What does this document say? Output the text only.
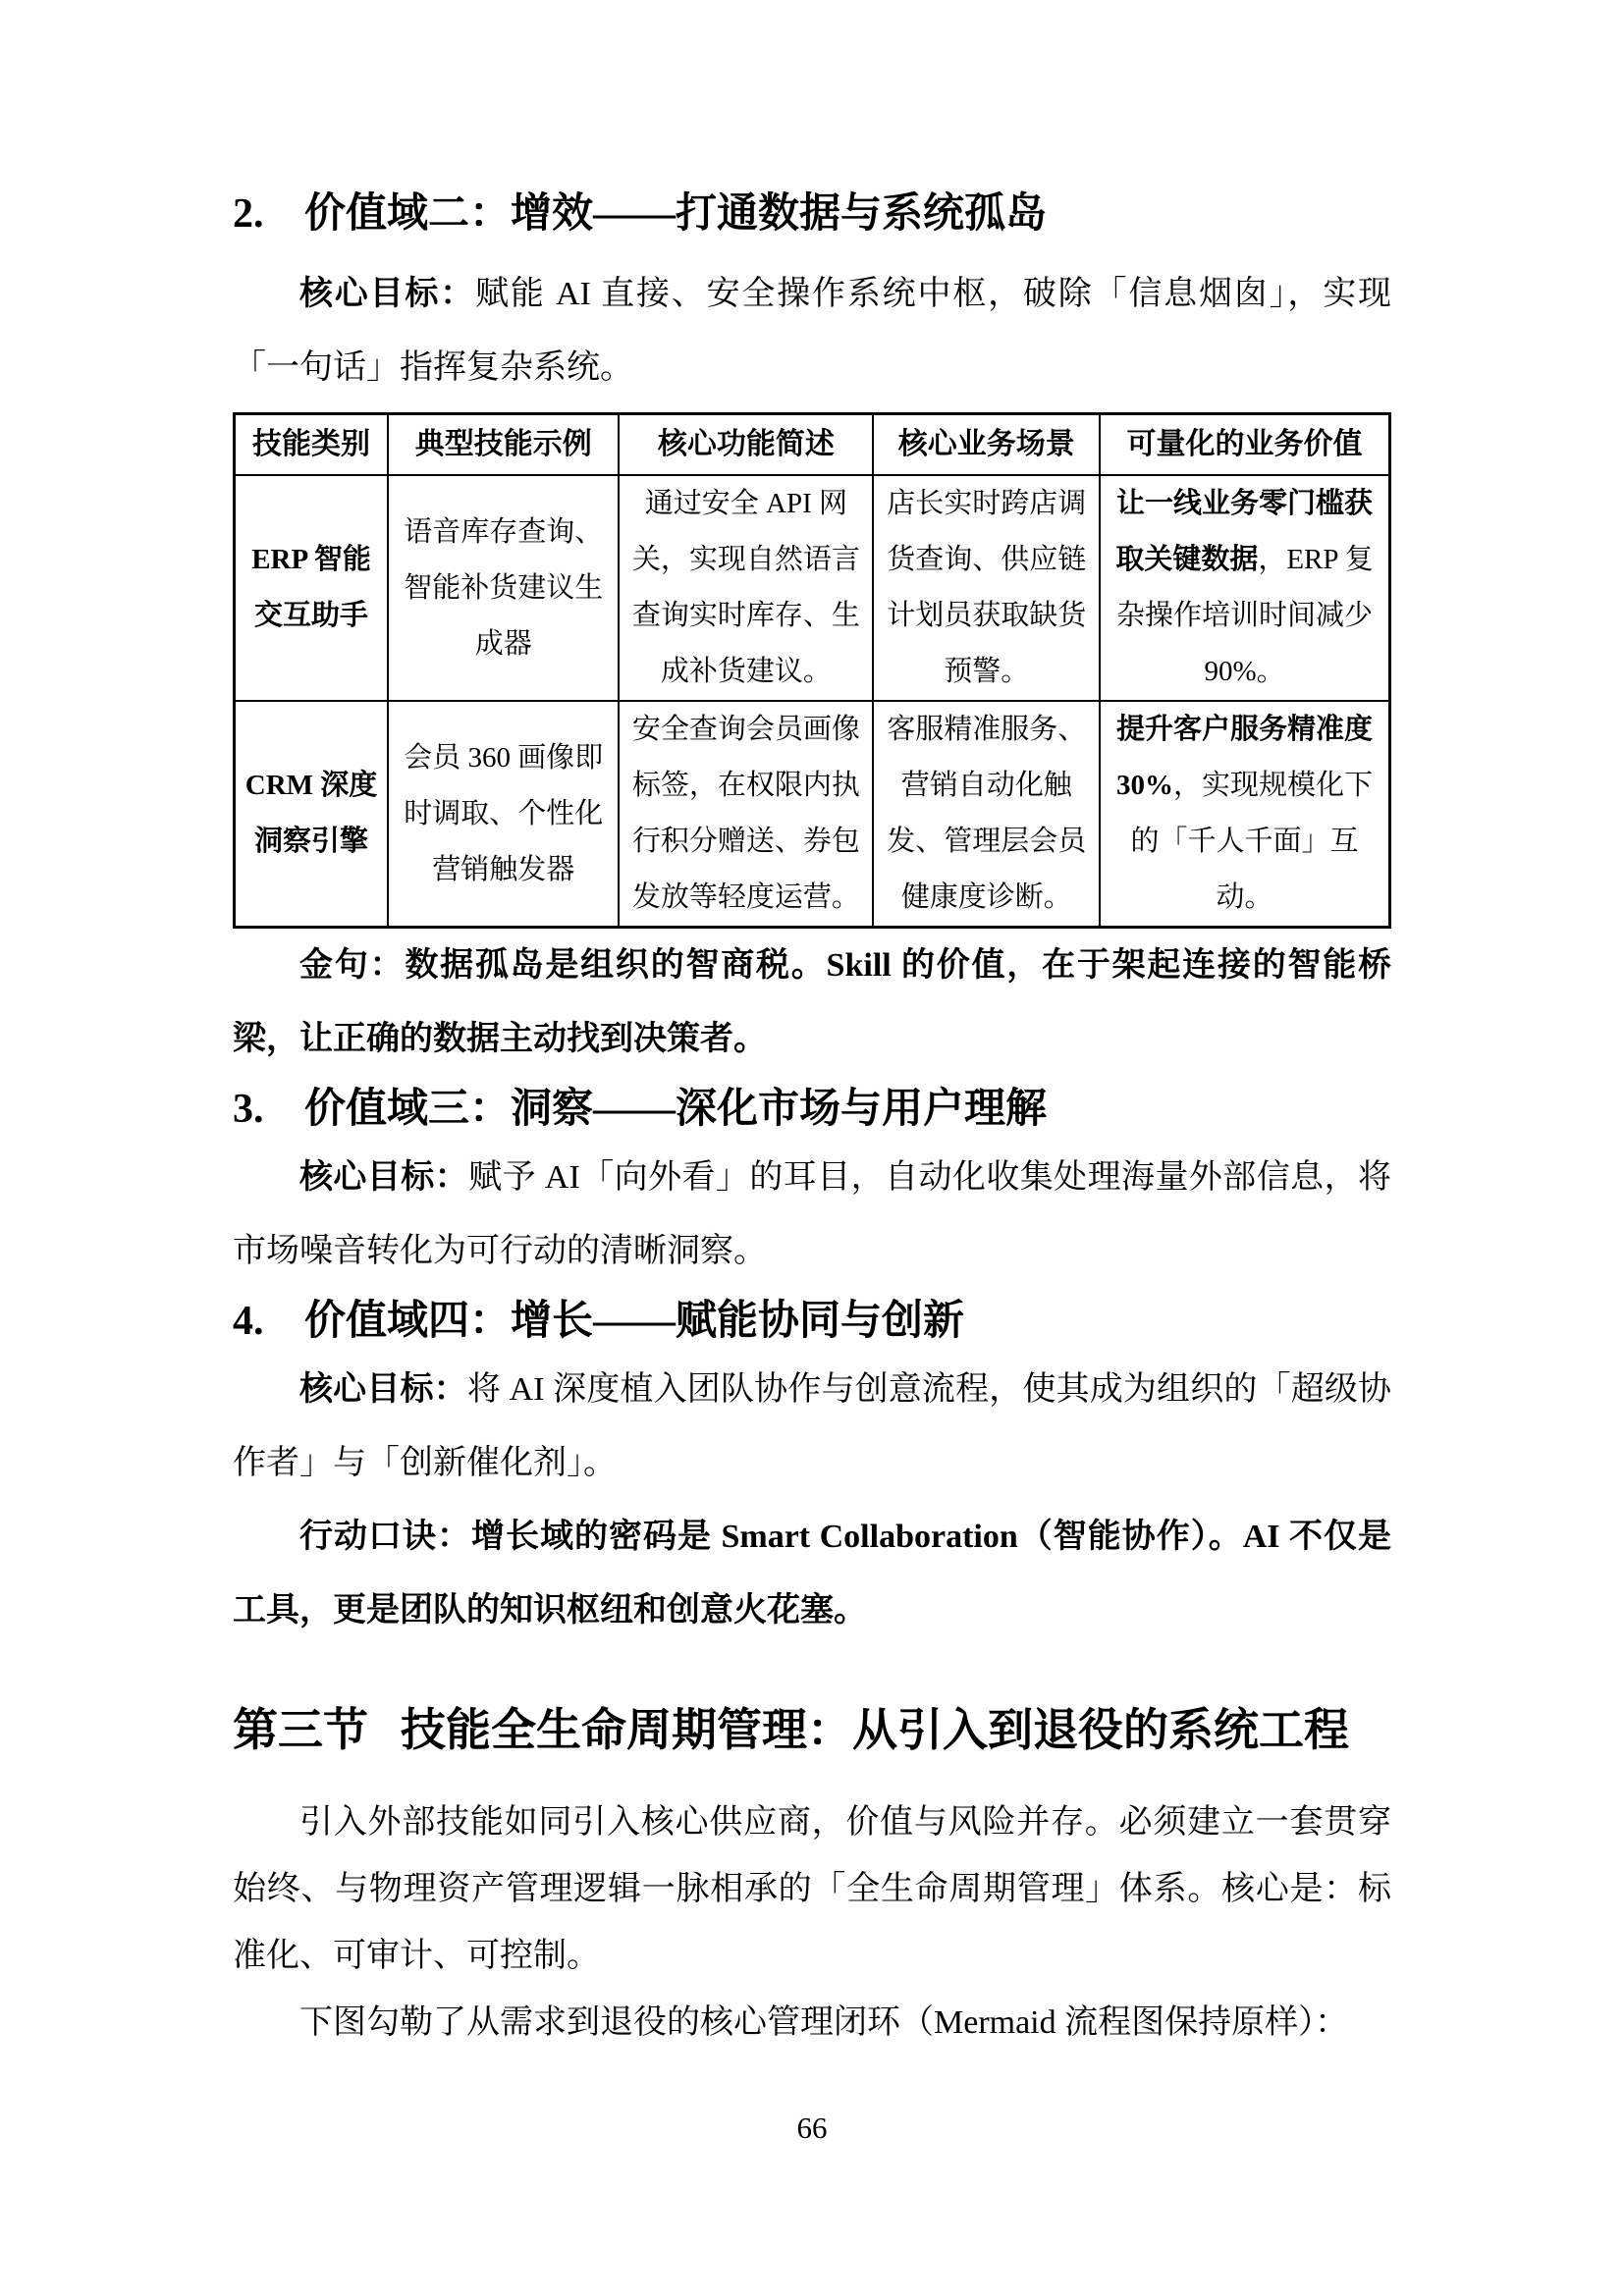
2. 价值域二：增效——打通数据与系统孤岛

核心目标：赋能 AI 直接、安全操作系统中枢，破除「信息烟囱」，实现「一句话」指挥复杂系统。

技能类别	典型技能示例	核心功能简述	核心业务场景	可量化的业务价值
ERP 智能交互助手	语音库存查询、智能补货建议生成器	通过安全 API 网关，实现自然语言查询实时库存、生成补货建议。	店长实时跨店调货查询、供应链计划员获取缺货预警。	让一线业务零门槛获取关键数据，ERP 复杂操作培训时间减少 90%。
CRM 深度洞察引擎	会员 360 画像即时调取、个性化营销触发器	安全查询会员画像标签，在权限内执行积分赠送、券包发放等轻度运营。	客服精准服务、营销自动化触发、管理层会员健康度诊断。	提升客户服务精准度 30%，实现规模化下的「千人千面」互动。

金句：数据孤岛是组织的智商税。Skill 的价值，在于架起连接的智能桥梁，让正确的数据主动找到决策者。

3. 价值域三：洞察——深化市场与用户理解

核心目标：赋予 AI「向外看」的耳目，自动化收集处理海量外部信息，将市场噪音转化为可行动的清晰洞察。

4. 价值域四：增长——赋能协同与创新

核心目标：将 AI 深度植入团队协作与创意流程，使其成为组织的「超级协作者」与「创新催化剂」。

行动口诀：增长域的密码是 Smart Collaboration（智能协作）。AI 不仅是工具，更是团队的知识枢纽和创意火花塞。

第三节 技能全生命周期管理：从引入到退役的系统工程

引入外部技能如同引入核心供应商，价值与风险并存。必须建立一套贯穿始终、与物理资产管理逻辑一脉相承的「全生命周期管理」体系。核心是：标准化、可审计、可控制。

下图勾勒了从需求到退役的核心管理闭环（Mermaid 流程图保持原样）：

66
